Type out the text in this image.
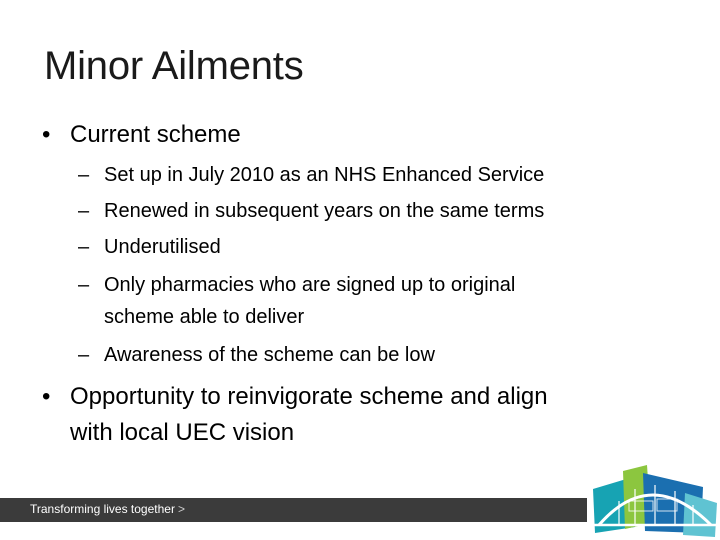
Minor Ailments
• Current scheme
– Set up in July 2010 as an NHS Enhanced Service
– Renewed in subsequent years on the same terms
– Underutilised
– Only pharmacies who are signed up to original
scheme able to deliver
– Awareness of the scheme can be low
• Opportunity to reinvigorate scheme and align
with local UEC vision
Transforming lives together >
